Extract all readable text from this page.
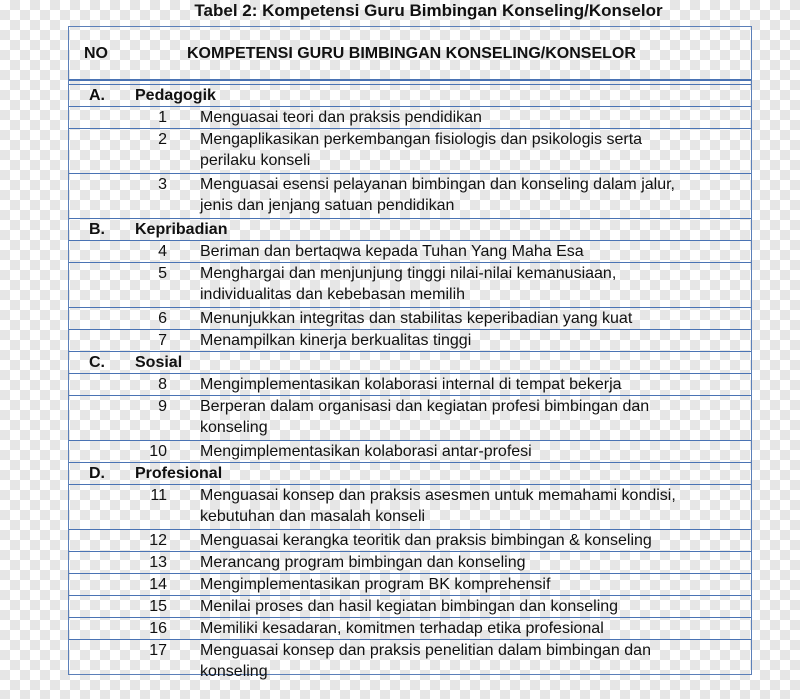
Tabel 2: Kompetensi Guru Bimbingan Konseling/Konselor
NO	KOMPETENSI GURU BIMBINGAN KONSELING/KONSELOR
A. Pedagogik
1 Menguasai teori dan praksis pendidikan
2 Mengaplikasikan perkembangan fisiologis dan psikologis serta
perilaku konseli
3 Menguasai esensi pelayanan bimbingan dan konseling dalam jalur,
jenis dan jenjang satuan pendidikan
B. Kepribadian
4 Beriman dan bertaqwa kepada Tuhan Yang Maha Esa
5 Menghargai dan menjunjung tinggi nilai-nilai kemanusiaan,
individualitas dan kebebasan memilih
6 Menunjukkan integritas dan stabilitas keperibadian yang kuat
7 Menampilkan kinerja berkualitas tinggi
C. Sosial
8 Mengimplementasikan kolaborasi internal di tempat bekerja
9 Berperan dalam organisasi dan kegiatan profesi bimbingan dan
konseling
10 Mengimplementasikan kolaborasi antar-profesi
D. Profesional
11 Menguasai konsep dan praksis asesmen untuk memahami kondisi,
kebutuhan dan masalah konseli
12 Menguasai kerangka teoritik dan praksis bimbingan & konseling
13 Merancang program bimbingan dan konseling
14 Mengimplementasikan program BK komprehensif
15 Menilai proses dan hasil kegiatan bimbingan dan konseling
16 Memiliki kesadaran, komitmen terhadap etika profesional
17 Menguasai konsep dan praksis penelitian dalam bimbingan dan
konseling
